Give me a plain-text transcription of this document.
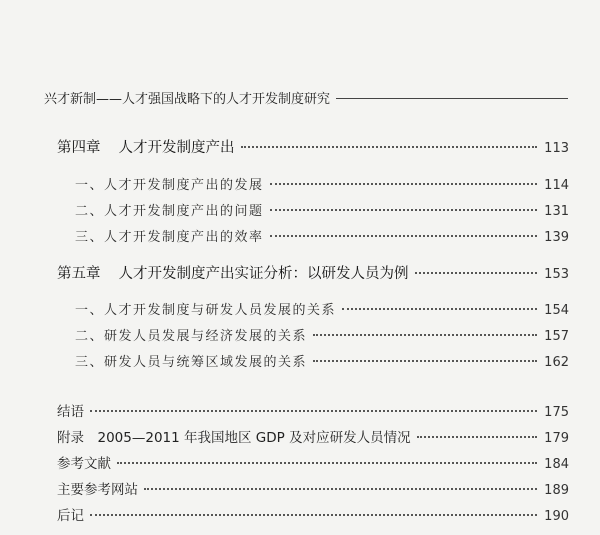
兴才新制——人才强国战略下的人才开发制度研究
第四章 人才开发制度产出	113
一、人才开发制度产出的发展	114
二、人才开发制度产出的问题	131
三、人才开发制度产出的效率	139
第五章 人才开发制度产出实证分析：以研发人员为例	153
一、人才开发制度与研发人员发展的关系	154
二、研发人员发展与经济发展的关系	157
三、研发人员与统筹区域发展的关系	162
结语	175
附录　2005—2011 年我国地区 GDP 及对应研发人员情况	179
参考文献	184
主要参考网站	189
后记	190
